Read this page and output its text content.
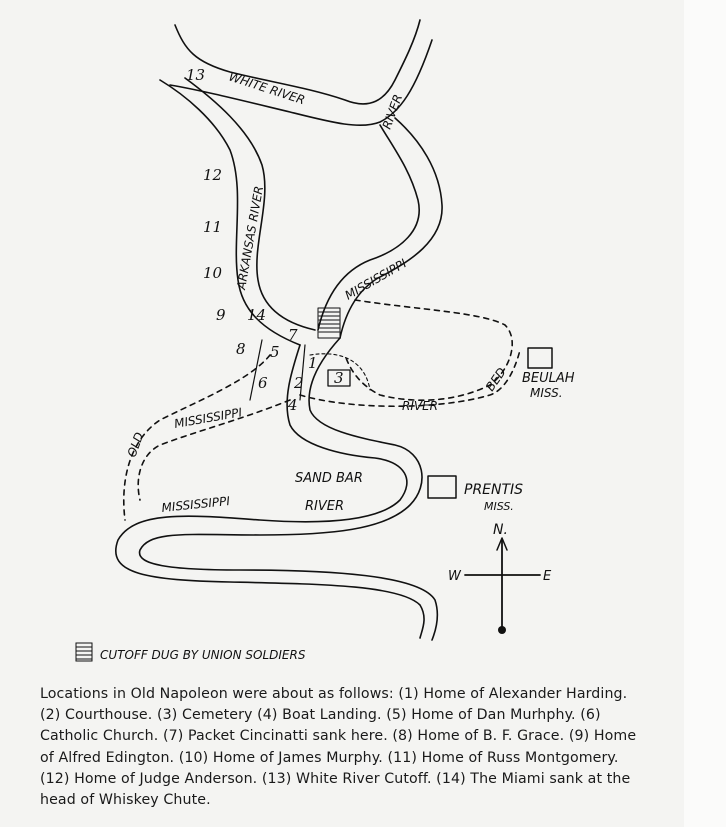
WHITE RIVER
RIVER
ARKANSAS RIVER	MISSISSIPPI
OLD
MISSISSIPPI	RIVER
BED
SAND BAR
MISSISSIPPI	RIVER
BEULAH
MISS.
PRENTIS
MISS.
1
2 3
4
5
6
7
8
9
10
11
12
13
14
N.
W	E
CUTOFF DUG BY UNION SOLDIERS
Locations in Old Napoleon were about as follows: (1) Home of Alexander Harding. (2) Courthouse. (3) Cemetery (4) Boat Landing. (5) Home of Dan Murhphy. (6) Catholic Church. (7) Packet Cincinatti sank here. (8) Home of B. F. Grace. (9) Home of Alfred Edington. (10) Home of James Murphy. (11) Home of Russ Montgomery. (12) Home of Judge Anderson. (13) White River Cutoff. (14) The Miami sank at the head of Whiskey Chute.
